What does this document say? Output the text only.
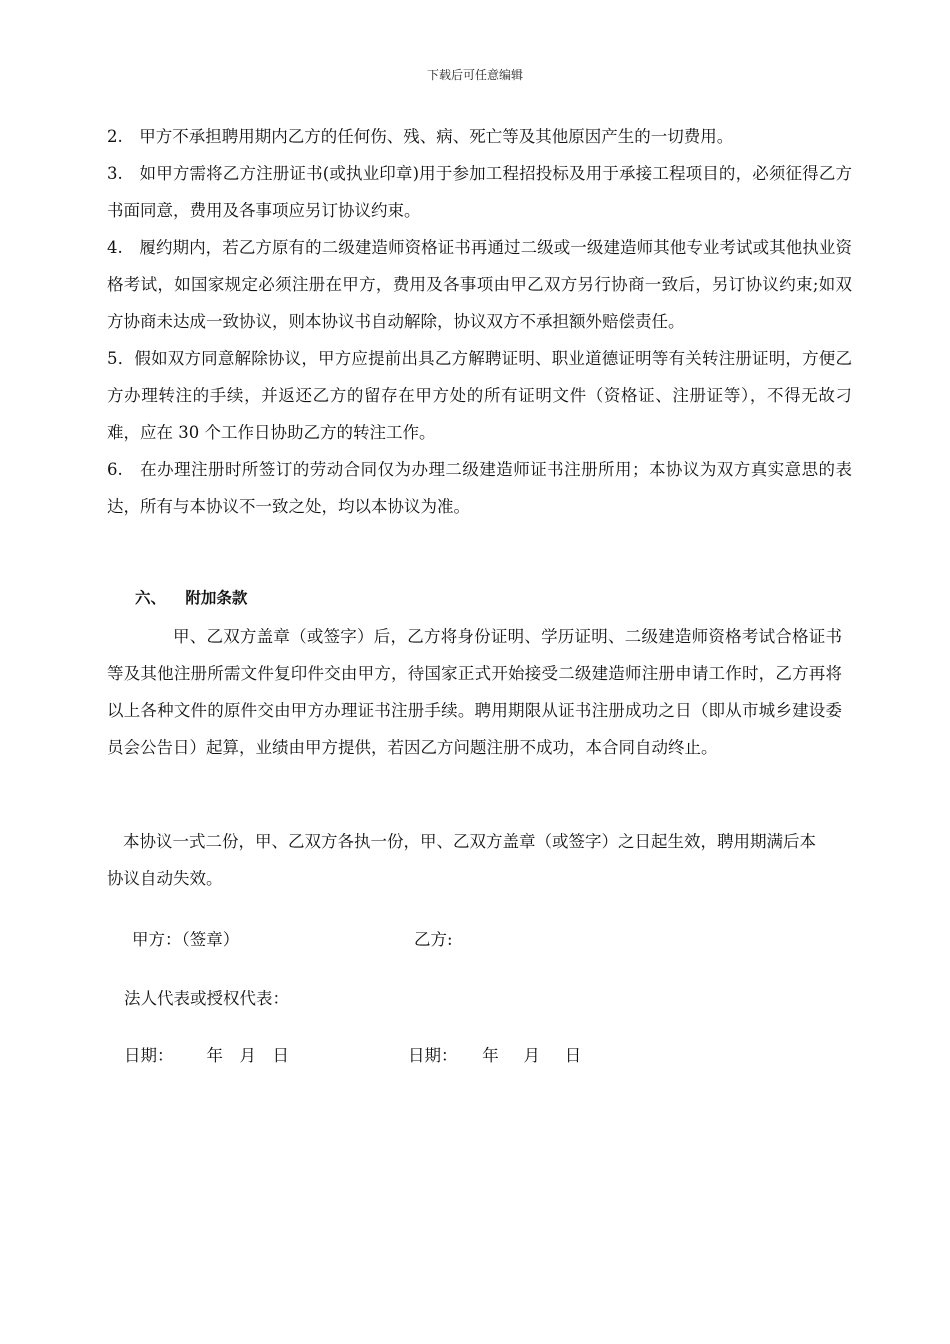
下载后可任意编辑

2.　甲方不承担聘用期内乙方的任何伤、残、病、死亡等及其他原因产生的一切费用。

3.　如甲方需将乙方注册证书(或执业印章)用于参加工程招投标及用于承接工程项目的，必须征得乙方书面同意，费用及各事项应另订协议约束。

4.　履约期内，若乙方原有的二级建造师资格证书再通过二级或一级建造师其他专业考试或其他执业资格考试，如国家规定必须注册在甲方，费用及各事项由甲乙双方另行协商一致后，另订协议约束;如双方协商未达成一致协议，则本协议书自动解除，协议双方不承担额外赔偿责任。

5．假如双方同意解除协议，甲方应提前出具乙方解聘证明、职业道德证明等有关转注册证明，方便乙方办理转注的手续，并返还乙方的留存在甲方处的所有证明文件（资格证、注册证等），不得无故刁难，应在 30 个工作日协助乙方的转注工作。

6.　在办理注册时所签订的劳动合同仅为办理二级建造师证书注册所用；本协议为双方真实意思的表达，所有与本协议不一致之处，均以本协议为准。

六、 附加条款

甲、乙双方盖章（或签字）后，乙方将身份证明、学历证明、二级建造师资格考试合格证书等及其他注册所需文件复印件交由甲方，待国家正式开始接受二级建造师注册申请工作时，乙方再将以上各种文件的原件交由甲方办理证书注册手续。聘用期限从证书注册成功之日（即从市城乡建设委员会公告日）起算，业绩由甲方提供，若因乙方问题注册不成功，本合同自动终止。

本协议一式二份，甲、乙双方各执一份，甲、乙双方盖章（或签字）之日起生效，聘用期满后本协议自动失效。

甲方：（签章）	乙方:
法人代表或授权代表：
日期：　　 年 月 日	日期：　　年　 月　 日
